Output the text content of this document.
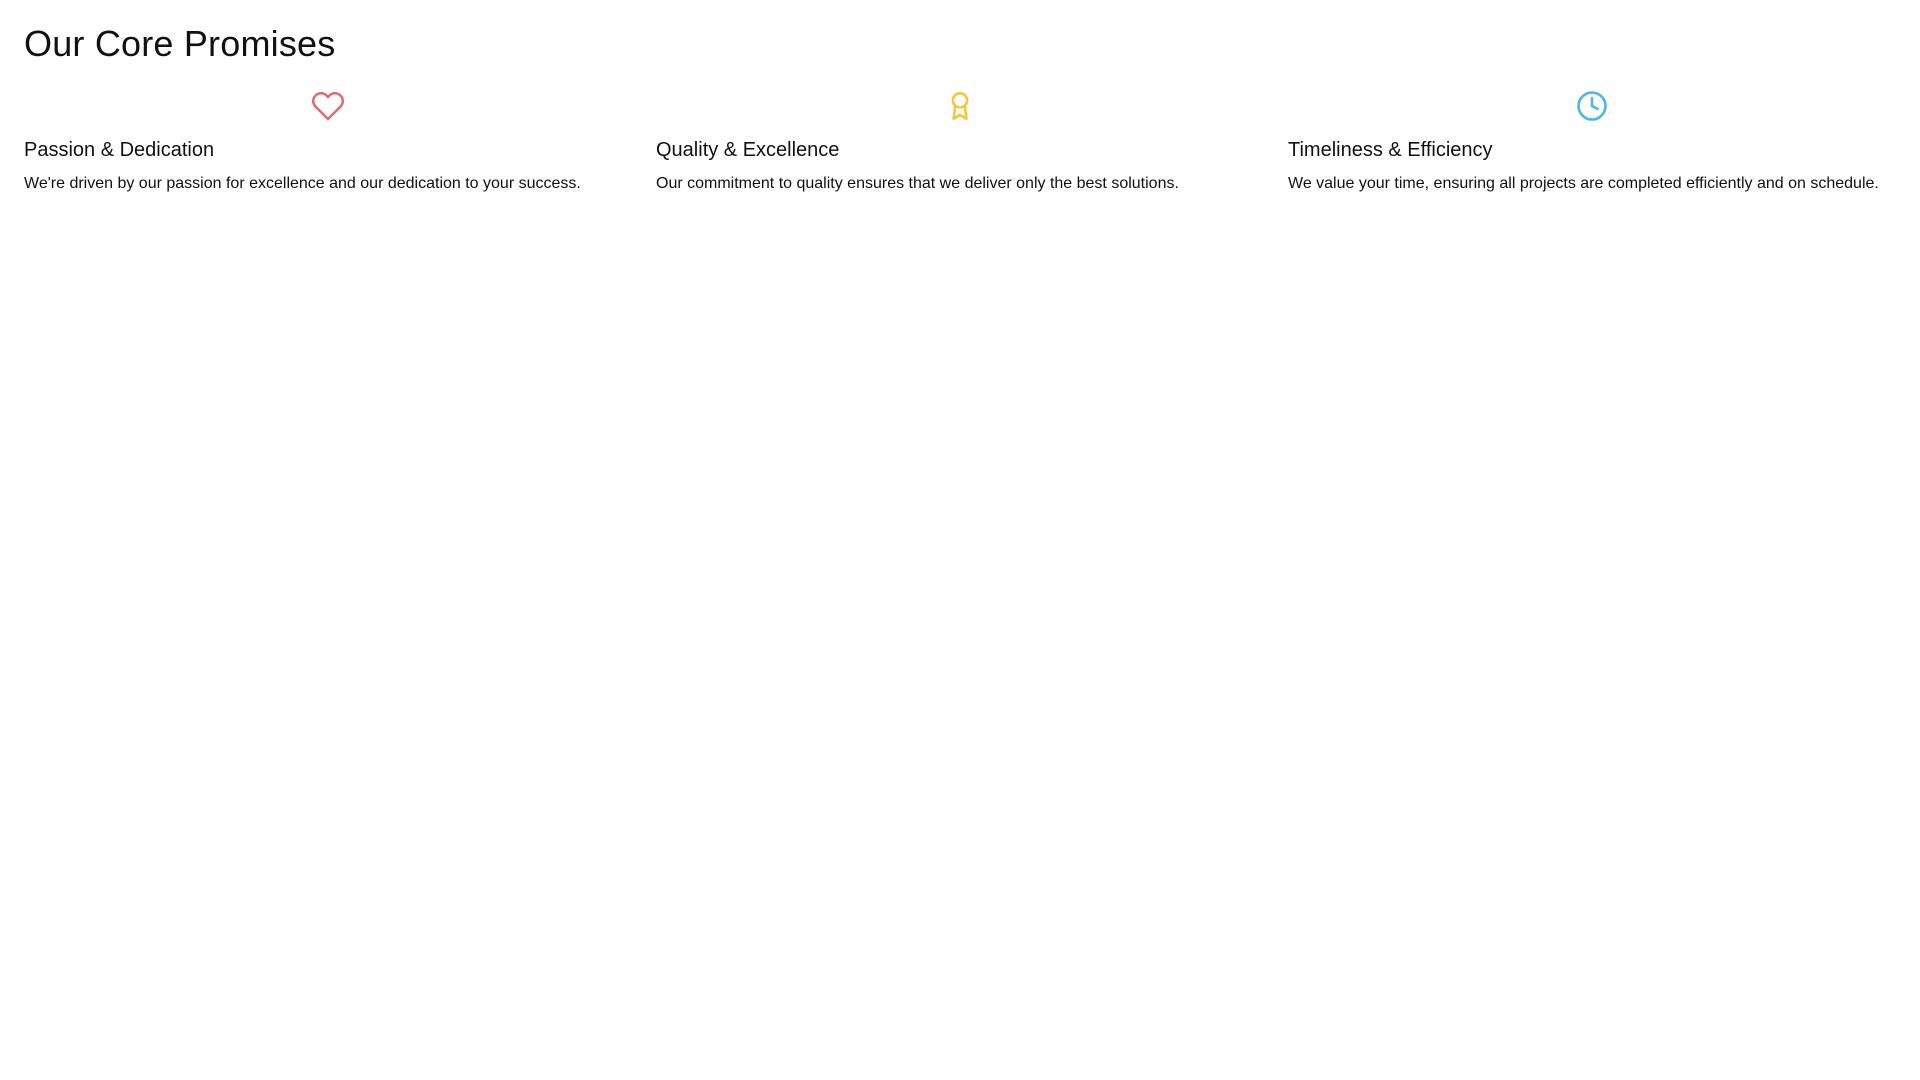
Our Core Promises
Passion & Dedication

We're driven by our passion for excellence and our dedication to your success.

Quality & Excellence

Our commitment to quality ensures that we deliver only the best solutions.

Timeliness & Efficiency

We value your time, ensuring all projects are completed efficiently and on schedule.
